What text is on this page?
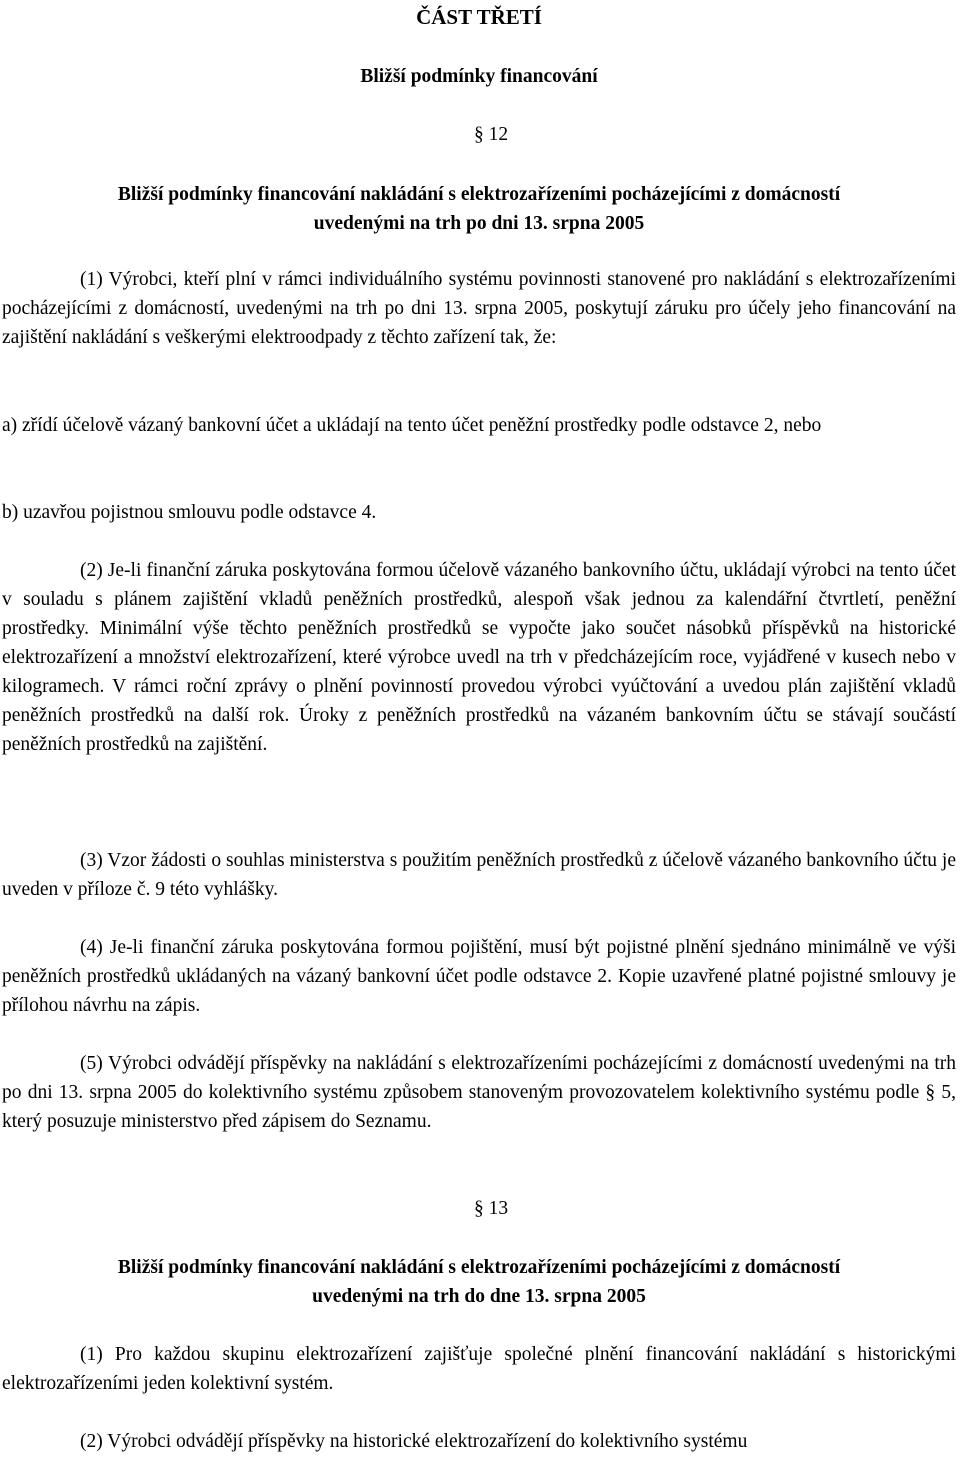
ČÁST TŘETÍ
Bližší podmínky financování
§ 12
Bližší podmínky financování nakládání s elektrozařízeními pocházejícími z domácností
uvedenými na trh po dni 13. srpna 2005

(1) Výrobci, kteří plní v rámci individuálního systému povinnosti stanovené pro nakládání s elektrozařízeními pocházejícími z domácností, uvedenými na trh po dni 13. srpna 2005, poskytují záruku pro účely jeho financování na zajištění nakládání s veškerými elektroodpady z těchto zařízení tak, že:

a) zřídí účelově vázaný bankovní účet a ukládají na tento účet peněžní prostředky podle odstavce 2, nebo

b) uzavřou pojistnou smlouvu podle odstavce 4.

(2) Je-li finanční záruka poskytována formou účelově vázaného bankovního účtu, ukládají výrobci na tento účet v souladu s plánem zajištění vkladů peněžních prostředků, alespoň však jednou za kalendářní čtvrtletí, peněžní prostředky. Minimální výše těchto peněžních prostředků se vypočte jako součet násobků příspěvků na historické elektrozařízení a množství elektrozařízení, které výrobce uvedl na trh v předcházejícím roce, vyjádřené v kusech nebo v kilogramech. V rámci roční zprávy o plnění povinností provedou výrobci vyúčtování a uvedou plán zajištění vkladů peněžních prostředků na další rok. Úroky z peněžních prostředků na vázaném bankovním účtu se stávají součástí peněžních prostředků na zajištění.

(3) Vzor žádosti o souhlas ministerstva s použitím peněžních prostředků z účelově vázaného bankovního účtu je uveden v příloze č. 9 této vyhlášky.

(4) Je-li finanční záruka poskytována formou pojištění, musí být pojistné plnění sjednáno minimálně ve výši peněžních prostředků ukládaných na vázaný bankovní účet podle odstavce 2. Kopie uzavřené platné pojistné smlouvy je přílohou návrhu na zápis.

(5) Výrobci odvádějí příspěvky na nakládání s elektrozařízeními pocházejícími z domácností uvedenými na trh po dni 13. srpna 2005 do kolektivního systému způsobem stanoveným provozovatelem kolektivního systému podle § 5, který posuzuje ministerstvo před zápisem do Seznamu.

§ 13
Bližší podmínky financování nakládání s elektrozařízeními pocházejícími z domácností
uvedenými na trh do dne 13. srpna 2005

(1) Pro každou skupinu elektrozařízení zajišťuje společné plnění financování nakládání s historickými elektrozařízeními jeden kolektivní systém.

(2) Výrobci odvádějí příspěvky na historické elektrozařízení do kolektivního systému
